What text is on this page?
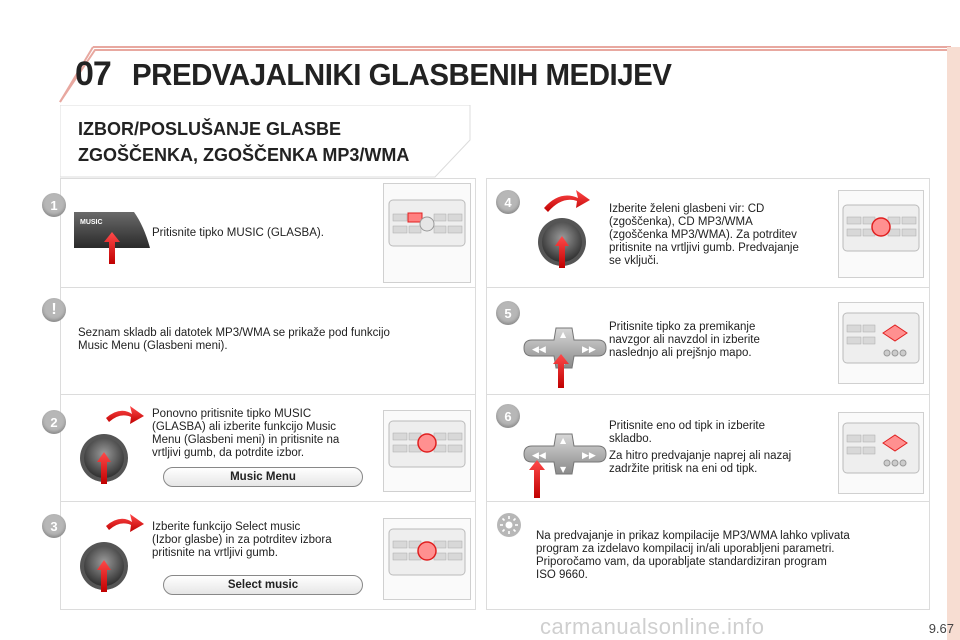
07 PREDVAJALNIKI GLASBENIH MEDIJEV
IZBOR/POSLUŠANJE GLASBE
ZGOŠČENKA, ZGOŠČENKA MP3/WMA
1
2
3
4
5
6
!
MUSIC
Pritisnite tipko MUSIC (GLASBA).
Seznam skladb ali datotek MP3/WMA se prikaže pod funkcijo
Music Menu (Glasbeni meni).
Ponovno pritisnite tipko MUSIC
(GLASBA) ali izberite funkcijo Music
Menu (Glasbeni meni) in pritisnite na
vrtljivi gumb, da potrdite izbor.
Music Menu
Izberite funkcijo Select music
(Izbor glasbe) in za potrditev izbora
pritisnite na vrtljivi gumb.
Select music
Izberite želeni glasbeni vir: CD
(zgoščenka), CD MP3/WMA
(zgoščenka MP3/WMA). Za potrditev
pritisnite na vrtljivi gumb. Predvajanje
se vključi.
◀◀	▶▶
▲
Pritisnite tipko za premikanje
navzgor ali navzdol in izberite
naslednjo ali prejšnjo mapo.
◀◀	▶▶
▲
▼
Pritisnite eno od tipk in izberite
skladbo.
Za hitro predvajanje naprej ali nazaj
zadržite pritisk na eni od tipk.
Na predvajanje in prikaz kompilacije MP3/WMA lahko vplivata
program za izdelavo kompilacij in/ali uporabljeni parametri.
Priporočamo vam, da uporabljate standardiziran program
ISO 9660.
9.67
carmanualsonline.info
